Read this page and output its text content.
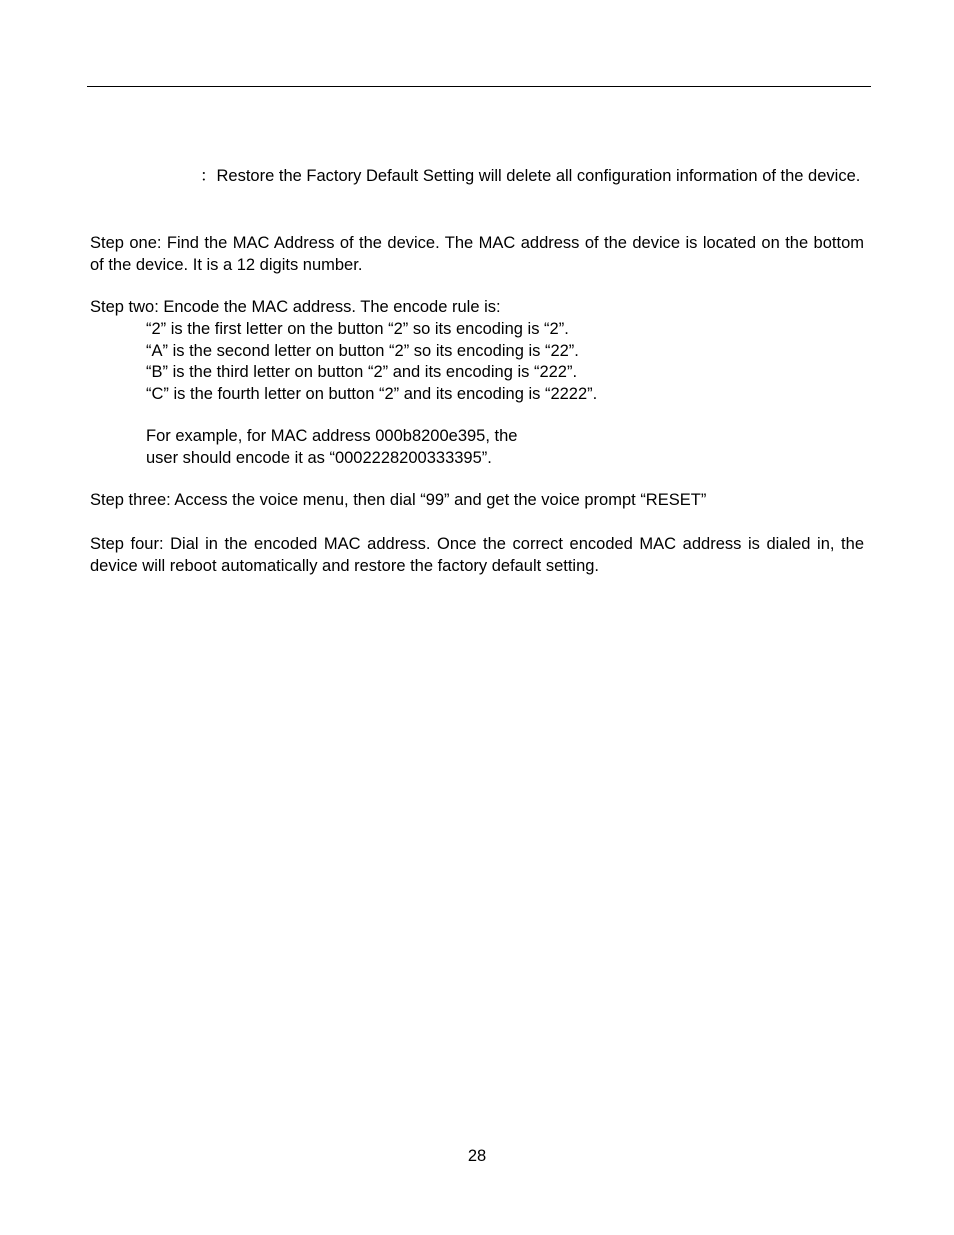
：Restore the Factory Default Setting will delete all configuration information of the device.

Step one: Find the MAC Address of the device. The MAC address of the device is located on the bottom of the device. It is a 12 digits number.

Step two: Encode the MAC address. The encode rule is:

“2” is the first letter on the button “2” so its encoding is “2”.
“A” is the second letter on button “2” so its encoding is “22”.
“B” is the third letter on button “2” and its encoding is “222”.
“C” is the fourth letter on button “2” and its encoding is “2222”.
For example, for MAC address 000b8200e395, the
user should encode it as “0002228200333395”.

Step three: Access the voice menu, then dial “99” and get the voice prompt “RESET”

Step four: Dial in the encoded MAC address. Once the correct encoded MAC address is dialed in, the device will reboot automatically and restore the factory default setting.

28
